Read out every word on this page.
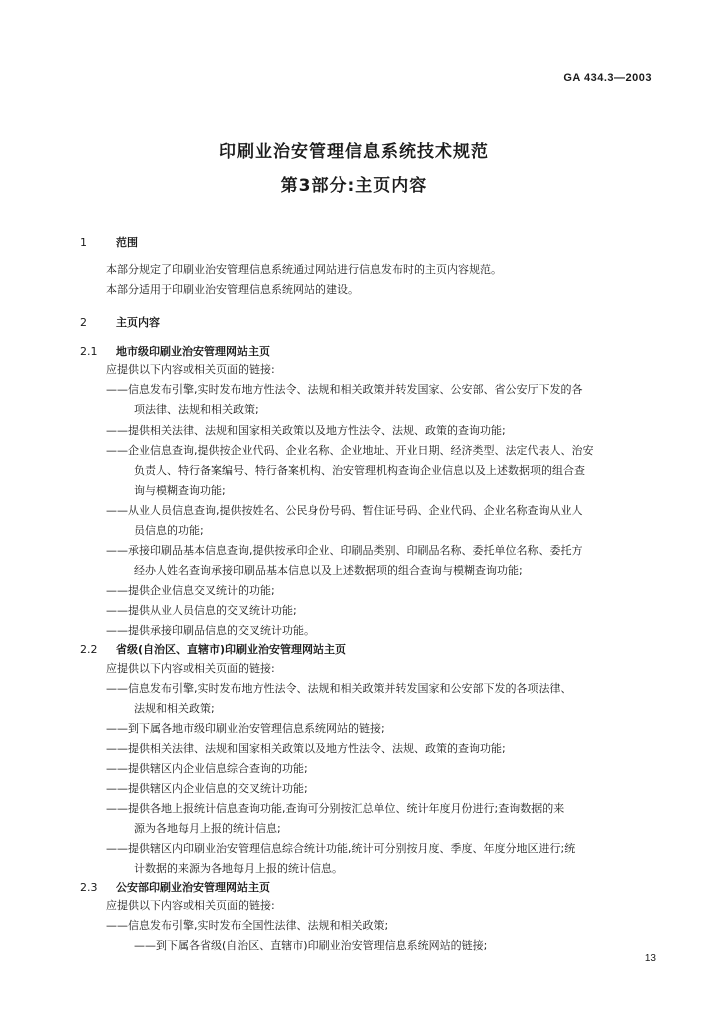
GA 434.3—2003
印刷业治安管理信息系统技术规范
第3部分:主页内容
1	范围
本部分规定了印刷业治安管理信息系统通过网站进行信息发布时的主页内容规范。
本部分适用于印刷业治安管理信息系统网站的建设。
2	主页内容
2.1 地市级印刷业治安管理网站主页
应提供以下内容或相关页面的链接:
——信息发布引擎,实时发布地方性法令、法规和相关政策并转发国家、公安部、省公安厅下发的各
项法律、法规和相关政策;
——提供相关法律、法规和国家相关政策以及地方性法令、法规、政策的查询功能;
——企业信息查询,提供按企业代码、企业名称、企业地址、开业日期、经济类型、法定代表人、治安
负责人、特行备案编号、特行备案机构、治安管理机构查询企业信息以及上述数据项的组合查
询与模糊查询功能;
——从业人员信息查询,提供按姓名、公民身份号码、暂住证号码、企业代码、企业名称查询从业人
员信息的功能;
——承接印刷品基本信息查询,提供按承印企业、印刷品类别、印刷品名称、委托单位名称、委托方
经办人姓名查询承接印刷品基本信息以及上述数据项的组合查询与模糊查询功能;
——提供企业信息交叉统计的功能;
——提供从业人员信息的交叉统计功能;
——提供承接印刷品信息的交叉统计功能。
2.2 省级(自治区、直辖市)印刷业治安管理网站主页
应提供以下内容或相关页面的链接:
——信息发布引擎,实时发布地方性法令、法规和相关政策并转发国家和公安部下发的各项法律、
法规和相关政策;
——到下属各地市级印刷业治安管理信息系统网站的链接;
——提供相关法律、法规和国家相关政策以及地方性法令、法规、政策的查询功能;
——提供辖区内企业信息综合查询的功能;
——提供辖区内企业信息的交叉统计功能;
——提供各地上报统计信息查询功能,查询可分别按汇总单位、统计年度月份进行;查询数据的来
源为各地每月上报的统计信息;
——提供辖区内印刷业治安管理信息综合统计功能,统计可分别按月度、季度、年度分地区进行;统
计数据的来源为各地每月上报的统计信息。
2.3 公安部印刷业治安管理网站主页
应提供以下内容或相关页面的链接:
——信息发布引擎,实时发布全国性法律、法规和相关政策;
——到下属各省级(自治区、直辖市)印刷业治安管理信息系统网站的链接;
13
